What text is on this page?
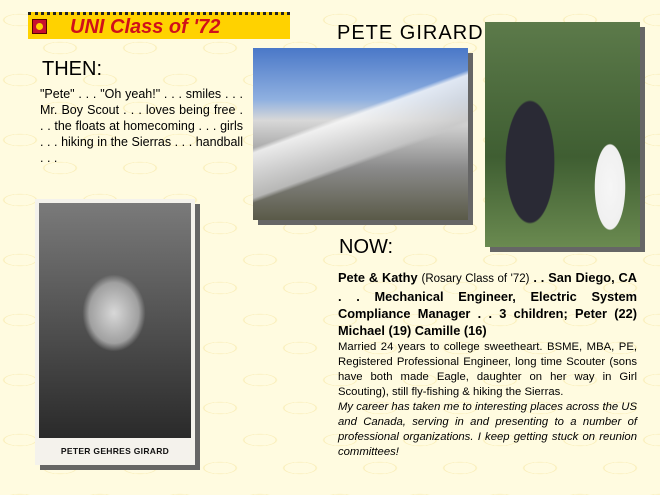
UNI Class of '72	PETE GIRARD
THEN:
"Pete" . . . "Oh yeah!" . . . smiles . . . Mr. Boy Scout . . . loves being free . . . the floats at homecoming . . . girls . . . hiking in the Sierras . . . handball . . .
PETER GEHRES GIRARD
NOW:
Pete & Kathy (Rosary Class of '72) . . San Diego, CA . . Mechanical Engineer, Electric System Compliance Manager . . 3 children; Peter (22) Michael (19) Camille (16)
Married 24 years to college sweetheart. BSME, MBA, PE, Registered Professional Engineer, long time Scouter (sons have both made Eagle, daughter on her way in Girl Scouting), still fly-fishing & hiking the Sierras.
My career has taken me to interesting places across the US and Canada, serving in and presenting to a number of professional organizations. I keep getting stuck on reunion committees!
